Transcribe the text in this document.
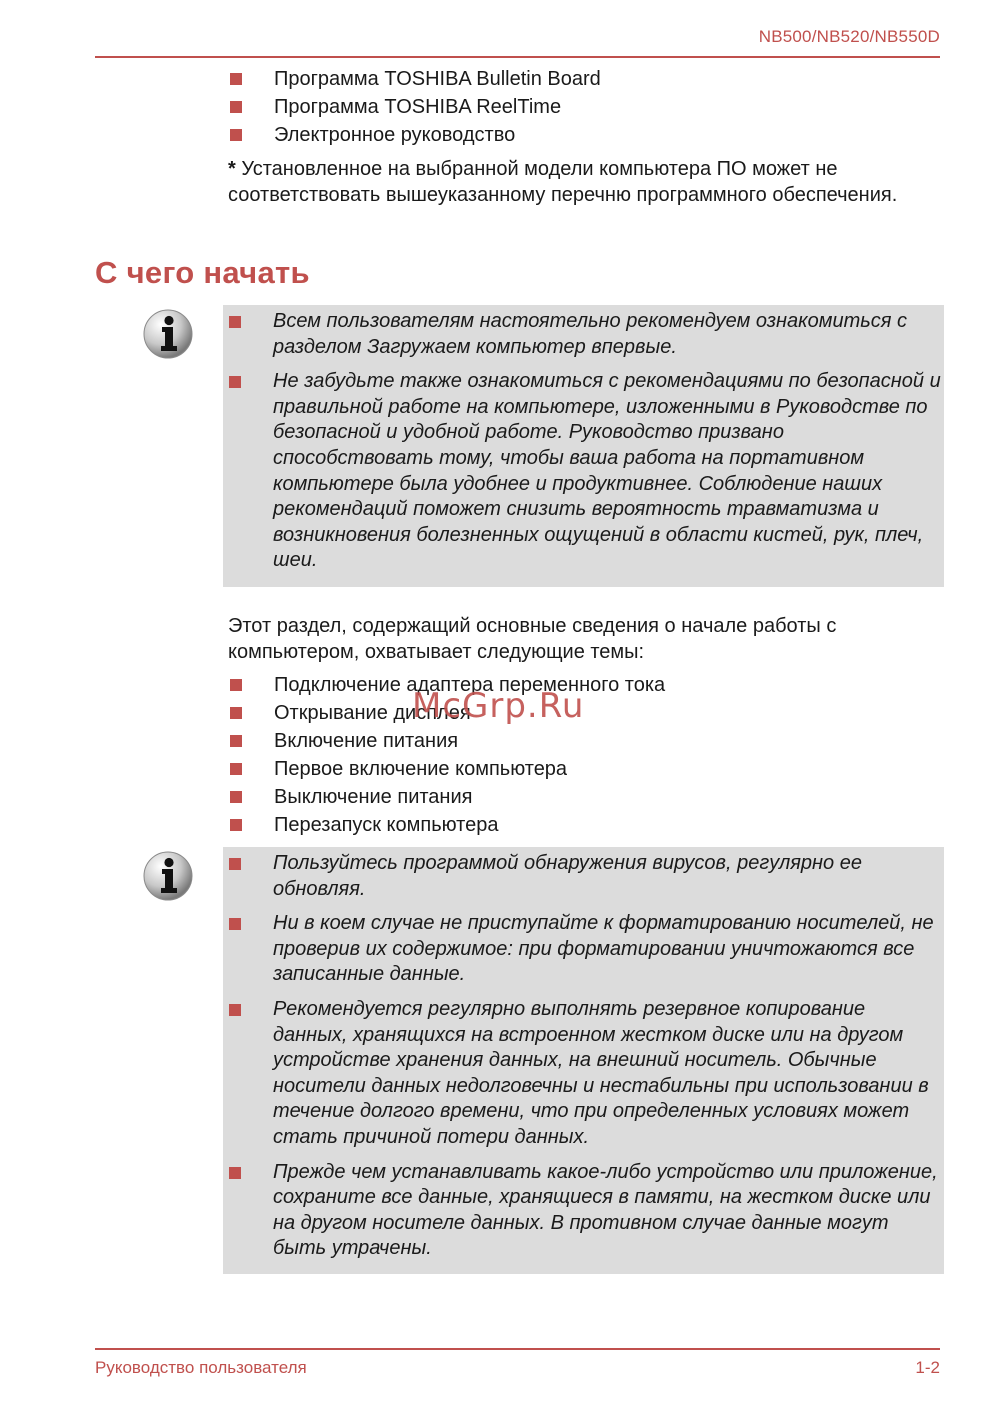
NB500/NB520/NB550D
Программа TOSHIBA Bulletin Board
Программа TOSHIBA ReelTime
Электронное руководство
* Установленное на выбранной модели компьютера ПО может не соответствовать вышеуказанному перечню программного обеспечения.
С чего начать
Всем пользователям настоятельно рекомендуем ознакомиться с разделом Загружаем компьютер впервые.
Не забудьте также ознакомиться с рекомендациями по безопасной и правильной работе на компьютере, изложенными в Руководстве по безопасной и удобной работе. Руководство призвано способствовать тому, чтобы ваша работа на портативном компьютере была удобнее и продуктивнее. Соблюдение наших рекомендаций поможет снизить вероятность травматизма и возникновения болезненных ощущений в области кистей, рук, плеч, шеи.
Этот раздел, содержащий основные сведения о начале работы с компьютером, охватывает следующие темы:
Подключение адаптера переменного тока
Открывание дисплея
Включение питания
Первое включение компьютера
Выключение питания
Перезапуск компьютера
McGrp.Ru
Пользуйтесь программой обнаружения вирусов, регулярно ее обновляя.
Ни в коем случае не приступайте к форматированию носителей, не проверив их содержимое: при форматировании уничтожаются все записанные данные.
Рекомендуется регулярно выполнять резервное копирование данных, хранящихся на встроенном жестком диске или на другом устройстве хранения данных, на внешний носитель. Обычные носители данных недолговечны и нестабильны при использовании в течение долгого времени, что при определенных условиях может стать причиной потери данных.
Прежде чем устанавливать какое-либо устройство или приложение, сохраните все данные, хранящиеся в памяти, на жестком диске или на другом носителе данных. В противном случае данные могут быть утрачены.
Руководство пользователя	1-2
